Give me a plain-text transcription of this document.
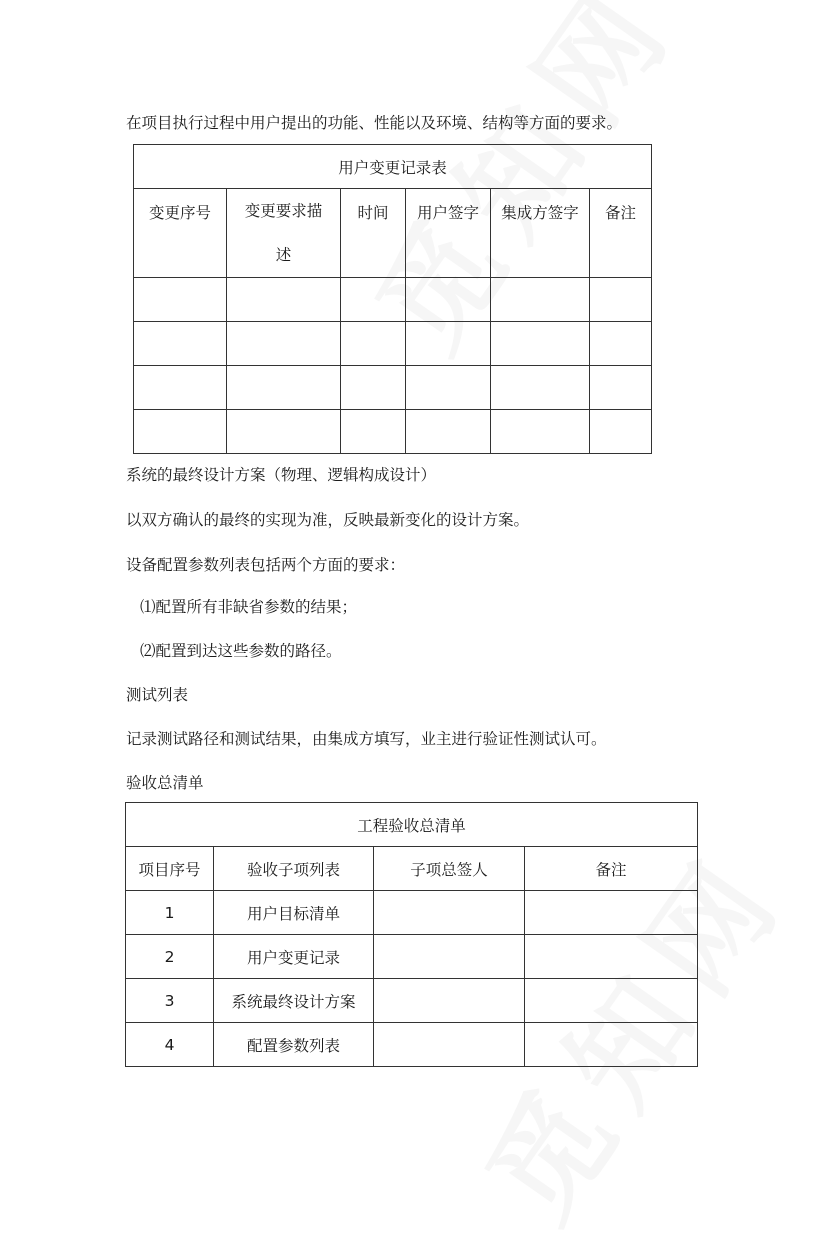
在项目执行过程中用户提出的功能、性能以及环境、结构等方面的要求。
用户变更记录表					
变更序号	变更要求描述	时间	用户签字	集成方签字	备注

系统的最终设计方案（物理、逻辑构成设计）
以双方确认的最终的实现为准，反映最新变化的设计方案。
设备配置参数列表包括两个方面的要求：
⑴配置所有非缺省参数的结果；
⑵配置到达这些参数的路径。
测试列表
记录测试路径和测试结果，由集成方填写，业主进行验证性测试认可。
验收总清单
工程验收总清单			
项目序号	验收子项列表	子项总签人	备注
1	用户目标清单		
2	用户变更记录		
3	系统最终设计方案		
4	配置参数列表		
